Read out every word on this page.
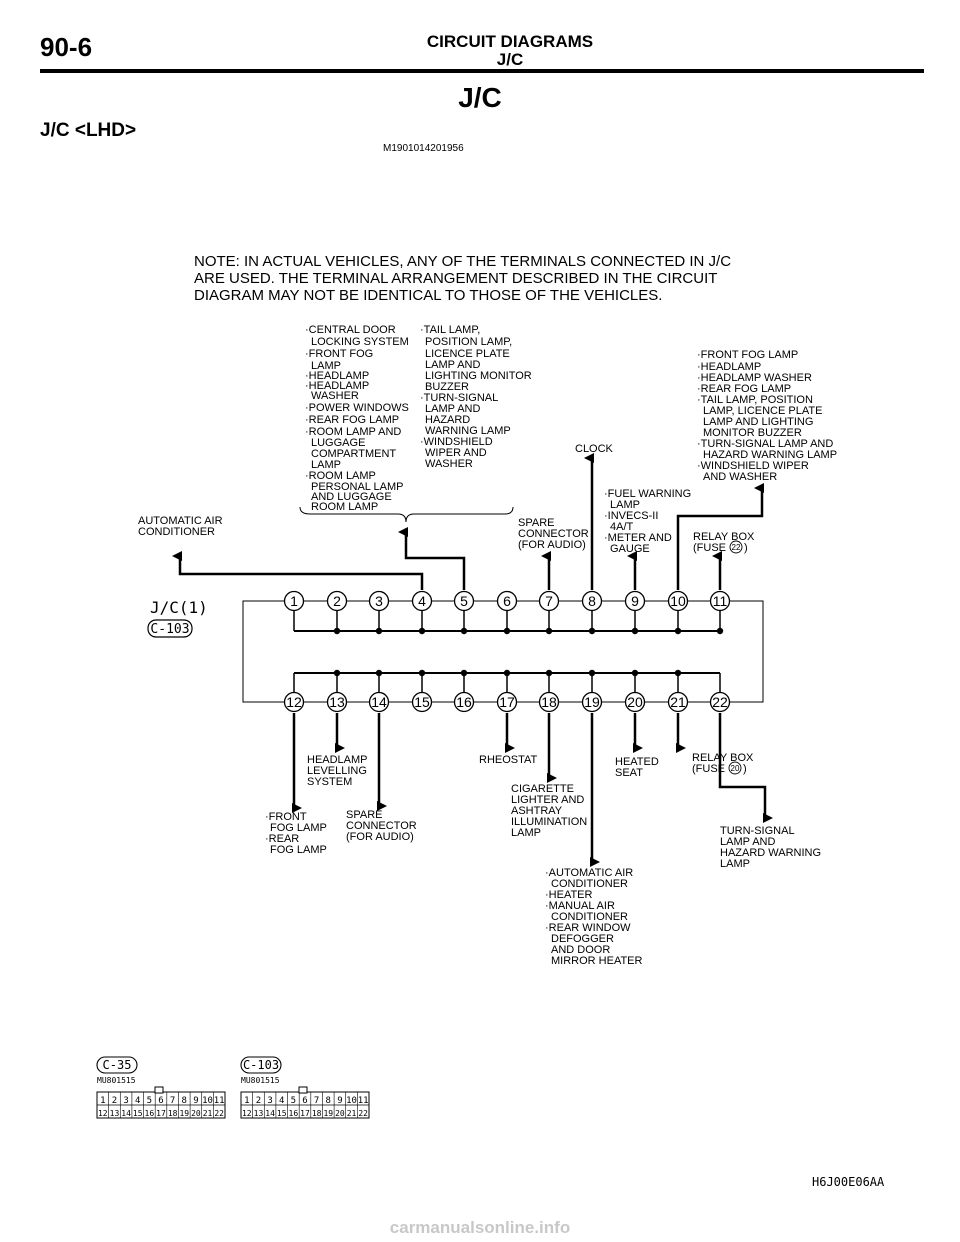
90-6	CIRCUIT DIAGRAMS
J/C
J/C
J/C <LHD>
M1901014201956
NOTE: IN ACTUAL VEHICLES, ANY OF THE TERMINALS CONNECTED IN J/C
ARE USED. THE TERMINAL ARRANGEMENT DESCRIBED IN THE CIRCUIT
DIAGRAM MAY NOT BE IDENTICAL TO THOSE OF THE VEHICLES.
J/C(1)
C-103
1	2 3	4 5	6 7	8	9 10 11
12 13 14 15 16 17 18 19 20 21 22
·CENTRAL DOOR
LOCKING SYSTEM
·FRONT FOG
LAMP
·HEADLAMP
·HEADLAMP
WASHER
·POWER WINDOWS
·REAR FOG LAMP
·ROOM LAMP AND
LUGGAGE
COMPARTMENT
LAMP
·ROOM LAMP
PERSONAL LAMP
AND LUGGAGE
ROOM LAMP
·TAIL LAMP,
POSITION LAMP,
LICENCE PLATE
LAMP AND
LIGHTING MONITOR
BUZZER
·TURN-SIGNAL
LAMP AND
HAZARD
WARNING LAMP
·WINDSHIELD
WIPER AND
WASHER
·FRONT FOG LAMP
·HEADLAMP
·HEADLAMP WASHER
·REAR FOG LAMP
·TAIL LAMP, POSITION
LAMP, LICENCE PLATE
LAMP AND LIGHTING
MONITOR BUZZER
·TURN-SIGNAL LAMP AND
HAZARD WARNING LAMP
·WINDSHIELD WIPER
AND WASHER
CLOCK
·FUEL WARNING
LAMP
·INVECS-II
4A/T
·METER AND
GAUGE
SPARE
CONNECTOR
(FOR AUDIO)
AUTOMATIC AIR
CONDITIONER	RELAY BOX
(FUSE 22 )
HEADLAMP
LEVELLING
SYSTEM
·FRONT
FOG LAMP
·REAR
FOG LAMP
SPARE
CONNECTOR
(FOR AUDIO)
RHEOSTAT
CIGARETTE
LIGHTER AND
ASHTRAY
ILLUMINATION
LAMP
HEATED
SEAT
RELAY BOX
(FUSE 20 )
TURN-SIGNAL
LAMP AND
HAZARD WARNING
LAMP
·AUTOMATIC AIR
CONDITIONER
·HEATER
·MANUAL AIR
CONDITIONER
·REAR WINDOW
DEFOGGER
AND DOOR
MIRROR HEATER
C-35
MU801515
1 2 3 4 5 6 7 8 9 10 11
12 13 14 15 16 17 18 19 20 21 22
C-103
MU801515
1 2 3 4 5 6 7 8 9 10 11
12 13 14 15 16 17 18 19 20 21 22
H6J00E06AA
carmanualsonline.info
